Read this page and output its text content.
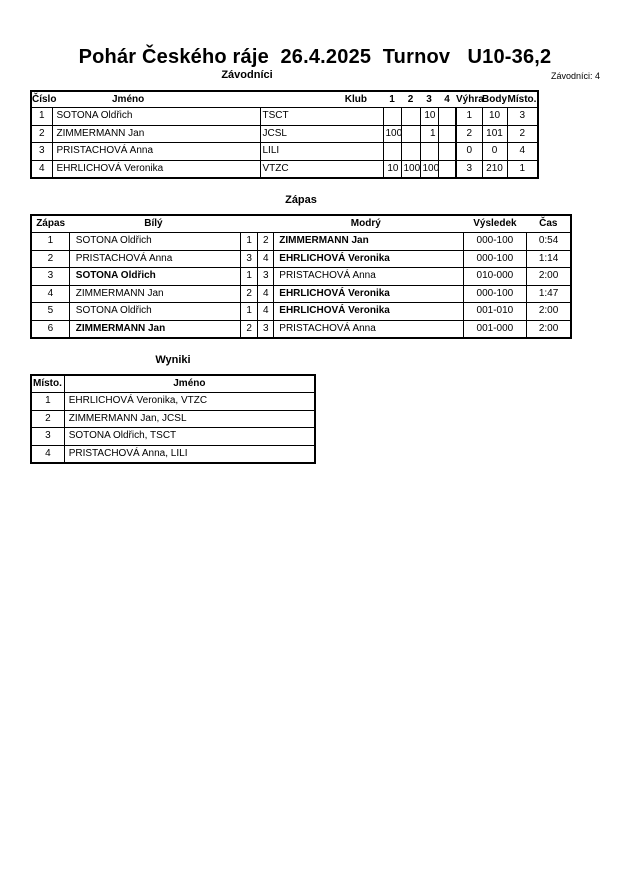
Pohár Českého ráje  26.4.2025  Turnov   U10-36,2
Závodníci	Závodníci: 4
Číslo	Jméno	Klub	1	2	3	4	Výhra	Body	Místo.
1	SOTONA Oldřich	TSCT			10		1	10	3
2	ZIMMERMANN Jan	JCSL	100		1		2	101	2
3	PRISTACHOVÁ Anna	LILI					0	0	4
4	EHRLICHOVÁ Veronika	VTZC	10	100	100		3	210	1
Zápas
Zápas	Bílý			Modrý	Výsledek	Čas
1	SOTONA Oldřich	1	2	ZIMMERMANN Jan	000-100	0:54
2	PRISTACHOVÁ Anna	3	4	EHRLICHOVÁ Veronika	000-100	1:14
3	SOTONA Oldřich	1	3	PRISTACHOVÁ Anna	010-000	2:00
4	ZIMMERMANN Jan	2	4	EHRLICHOVÁ Veronika	000-100	1:47
5	SOTONA Oldřich	1	4	EHRLICHOVÁ Veronika	001-010	2:00
6	ZIMMERMANN Jan	2	3	PRISTACHOVÁ Anna	001-000	2:00
Wyniki
Místo.	Jméno
1	EHRLICHOVÁ Veronika, VTZC
2	ZIMMERMANN Jan, JCSL
3	SOTONA Oldřich, TSCT
4	PRISTACHOVÁ Anna, LILI
